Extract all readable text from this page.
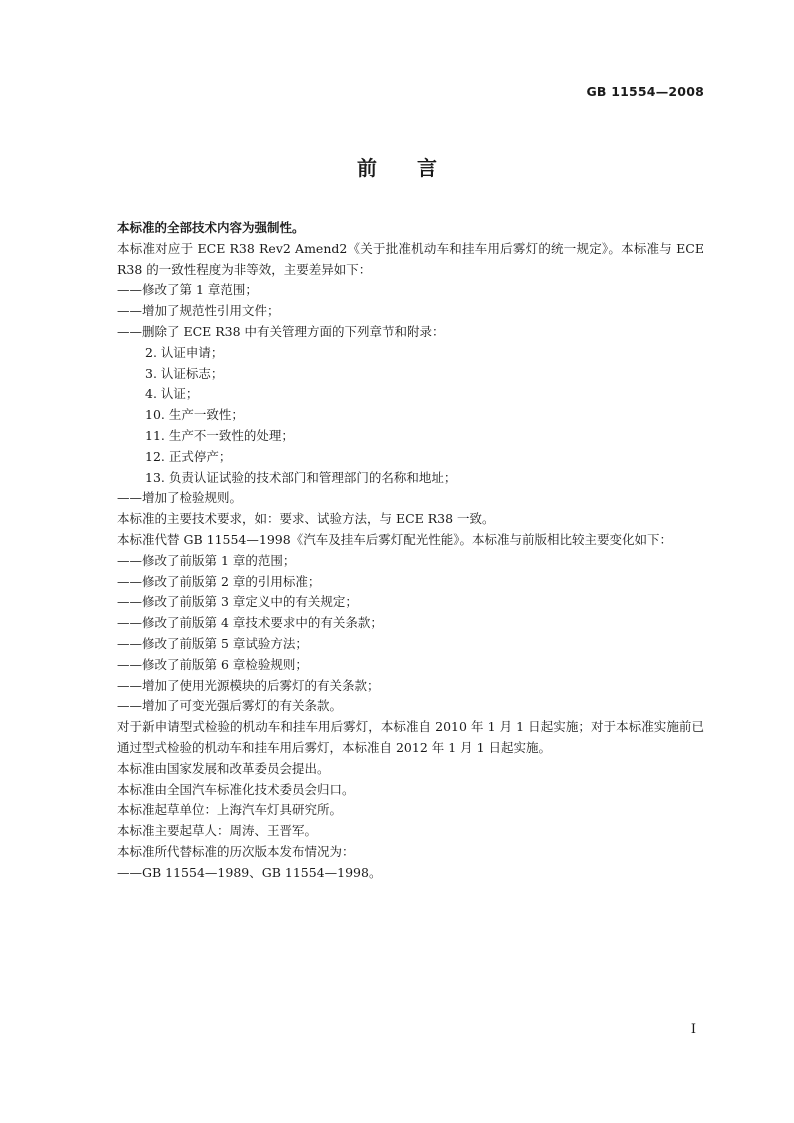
GB 11554—2008
前言

本标准的全部技术内容为强制性。

本标准对应于 ECE R38 Rev2 Amend2《关于批准机动车和挂车用后雾灯的统一规定》。本标准与 ECE R38 的一致性程度为非等效，主要差异如下：

——修改了第 1 章范围；

——增加了规范性引用文件；

——删除了 ECE R38 中有关管理方面的下列章节和附录：

2. 认证申请；

3. 认证标志；

4. 认证；

10. 生产一致性；

11. 生产不一致性的处理；

12. 正式停产；

13. 负责认证试验的技术部门和管理部门的名称和地址；

——增加了检验规则。

本标准的主要技术要求，如：要求、试验方法，与 ECE R38 一致。

本标准代替 GB 11554—1998《汽车及挂车后雾灯配光性能》。本标准与前版相比较主要变化如下：

——修改了前版第 1 章的范围；

——修改了前版第 2 章的引用标准；

——修改了前版第 3 章定义中的有关规定；

——修改了前版第 4 章技术要求中的有关条款；

——修改了前版第 5 章试验方法；

——修改了前版第 6 章检验规则；

——增加了使用光源模块的后雾灯的有关条款；

——增加了可变光强后雾灯的有关条款。

对于新申请型式检验的机动车和挂车用后雾灯，本标准自 2010 年 1 月 1 日起实施；对于本标准实施前已通过型式检验的机动车和挂车用后雾灯，本标准自 2012 年 1 月 1 日起实施。

本标准由国家发展和改革委员会提出。

本标准由全国汽车标准化技术委员会归口。

本标准起草单位：上海汽车灯具研究所。

本标准主要起草人：周涛、王晋军。

本标准所代替标准的历次版本发布情况为：

——GB 11554—1989、GB 11554—1998。

I
